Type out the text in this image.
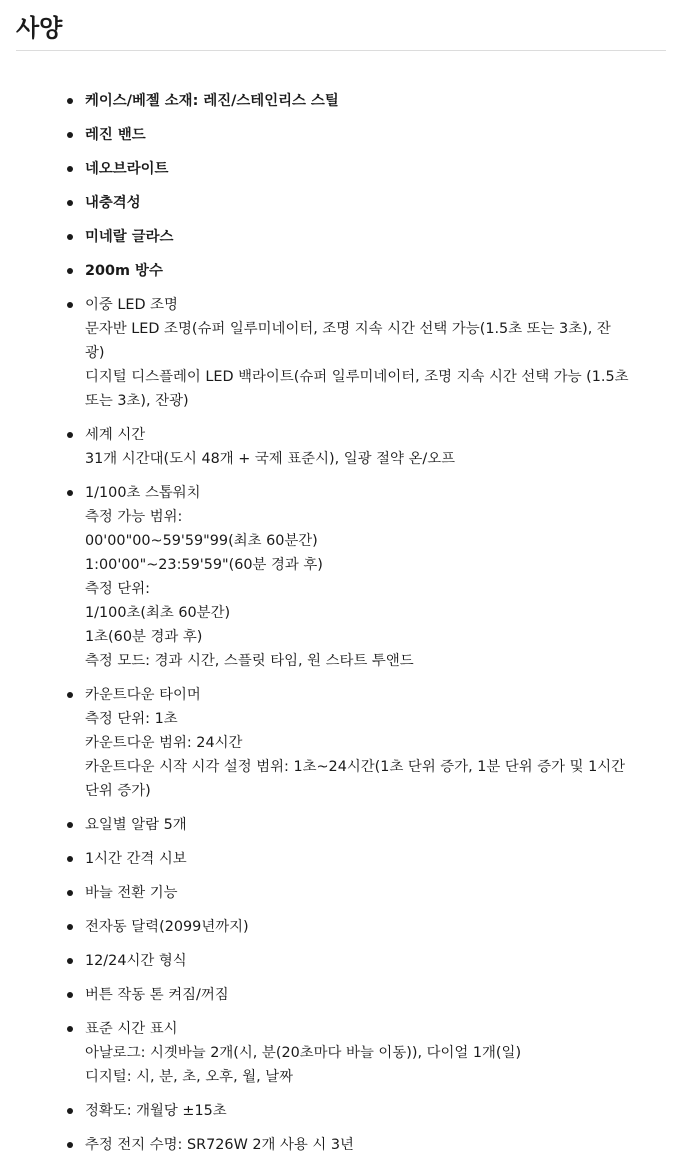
사양
케이스/베젤 소재: 레진/스테인리스 스틸
레진 밴드
네오브라이트
내충격성
미네랄 글라스
200m 방수
이중 LED 조명
문자반 LED 조명(슈퍼 일루미네이터, 조명 지속 시간 선택 가능(1.5초 또는 3초), 잔광)
디지털 디스플레이 LED 백라이트(슈퍼 일루미네이터, 조명 지속 시간 선택 가능 (1.5초 또는 3초), 잔광)
세계 시간
31개 시간대(도시 48개 + 국제 표준시), 일광 절약 온/오프
1/100초 스톱워치
측정 가능 범위:
00'00"00~59'59"99(최초 60분간)
1:00'00"~23:59'59"(60분 경과 후)
측정 단위:
1/100초(최초 60분간)
1초(60분 경과 후)
측정 모드: 경과 시간, 스플릿 타임, 원 스타트 투앤드
카운트다운 타이머
측정 단위: 1초
카운트다운 범위: 24시간
카운트다운 시작 시각 설정 범위: 1초~24시간(1초 단위 증가, 1분 단위 증가 및 1시간 단위 증가)
요일별 알람 5개
1시간 간격 시보
바늘 전환 기능
전자동 달력(2099년까지)
12/24시간 형식
버튼 작동 톤 켜짐/꺼짐
표준 시간 표시
아날로그: 시곗바늘 2개(시, 분(20초마다 바늘 이동)), 다이얼 1개(일)
디지털: 시, 분, 초, 오후, 월, 날짜
정확도: 개월당 ±15초
추정 전지 수명: SR726W 2개 사용 시 3년
